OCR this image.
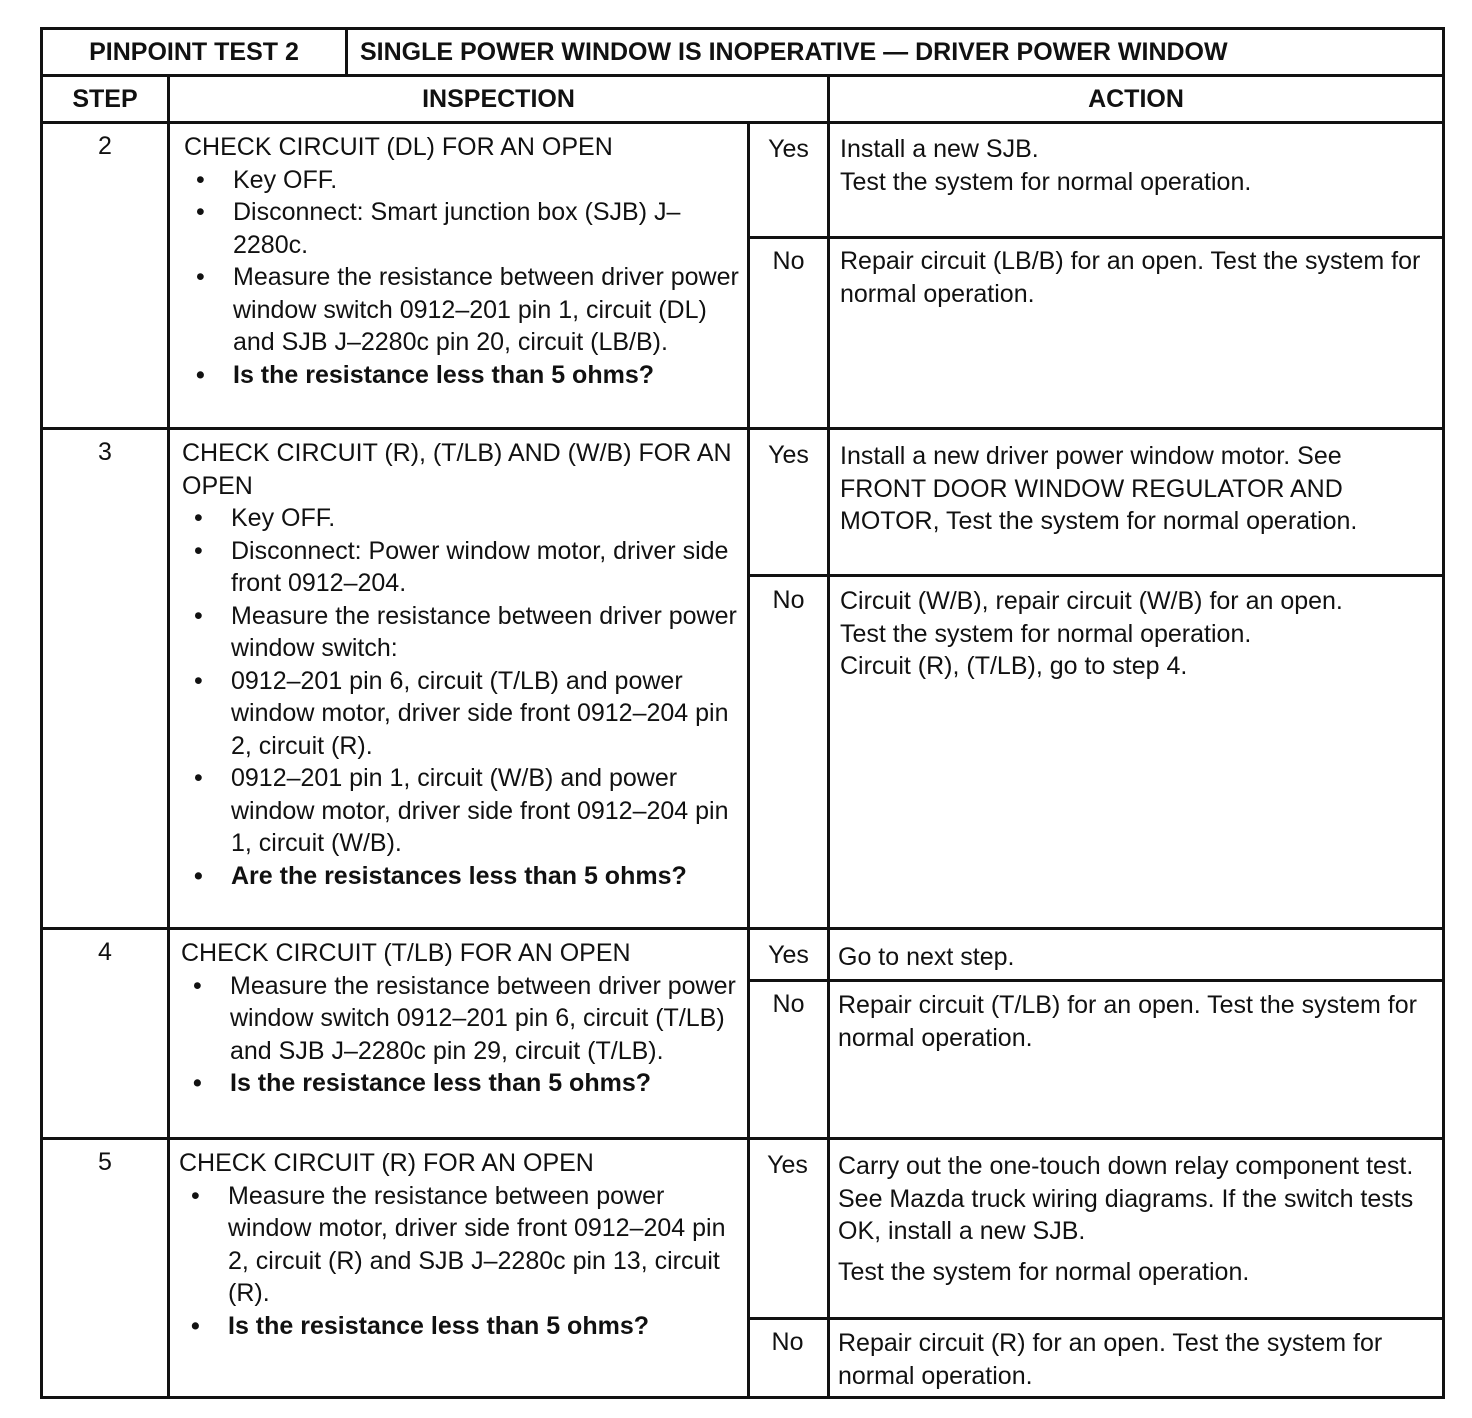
PINPOINT TEST 2	SINGLE POWER WINDOW IS INOPERATIVE — DRIVER POWER WINDOW
STEP	INSPECTION	ACTION
2	CHECK CIRCUIT (DL) FOR AN OPEN
• Key OFF.
• Disconnect: Smart junction box (SJB) J–2280c.
• Measure the resistance between driver power window switch 0912–201 pin 1, circuit (DL) and SJB J–2280c pin 20, circuit (LB/B).
• Is the resistance less than 5 ohms?
Yes	Install a new SJB.
Test the system for normal operation.
No	Repair circuit (LB/B) for an open. Test the system for normal operation.
3	CHECK CIRCUIT (R), (T/LB) AND (W/B) FOR AN OPEN
• Key OFF.
• Disconnect: Power window motor, driver side front 0912–204.
• Measure the resistance between driver power window switch:
• 0912–201 pin 6, circuit (T/LB) and power window motor, driver side front 0912–204 pin 2, circuit (R).
• 0912–201 pin 1, circuit (W/B) and power window motor, driver side front 0912–204 pin 1, circuit (W/B).
• Are the resistances less than 5 ohms?
Yes	Install a new driver power window motor. See FRONT DOOR WINDOW REGULATOR AND MOTOR, Test the system for normal operation.
No	Circuit (W/B), repair circuit (W/B) for an open.
Test the system for normal operation.
Circuit (R), (T/LB), go to step 4.
4	CHECK CIRCUIT (T/LB) FOR AN OPEN
• Measure the resistance between driver power window switch 0912–201 pin 6, circuit (T/LB) and SJB J–2280c pin 29, circuit (T/LB).
• Is the resistance less than 5 ohms?
Yes	Go to next step.
No	Repair circuit (T/LB) for an open. Test the system for normal operation.
5	CHECK CIRCUIT (R) FOR AN OPEN
• Measure the resistance between power window motor, driver side front 0912–204 pin 2, circuit (R) and SJB J–2280c pin 13, circuit (R).
• Is the resistance less than 5 ohms?
Yes	Carry out the one-touch down relay component test. See Mazda truck wiring diagrams. If the switch tests OK, install a new SJB.
Test the system for normal operation.
No	Repair circuit (R) for an open. Test the system for normal operation.
